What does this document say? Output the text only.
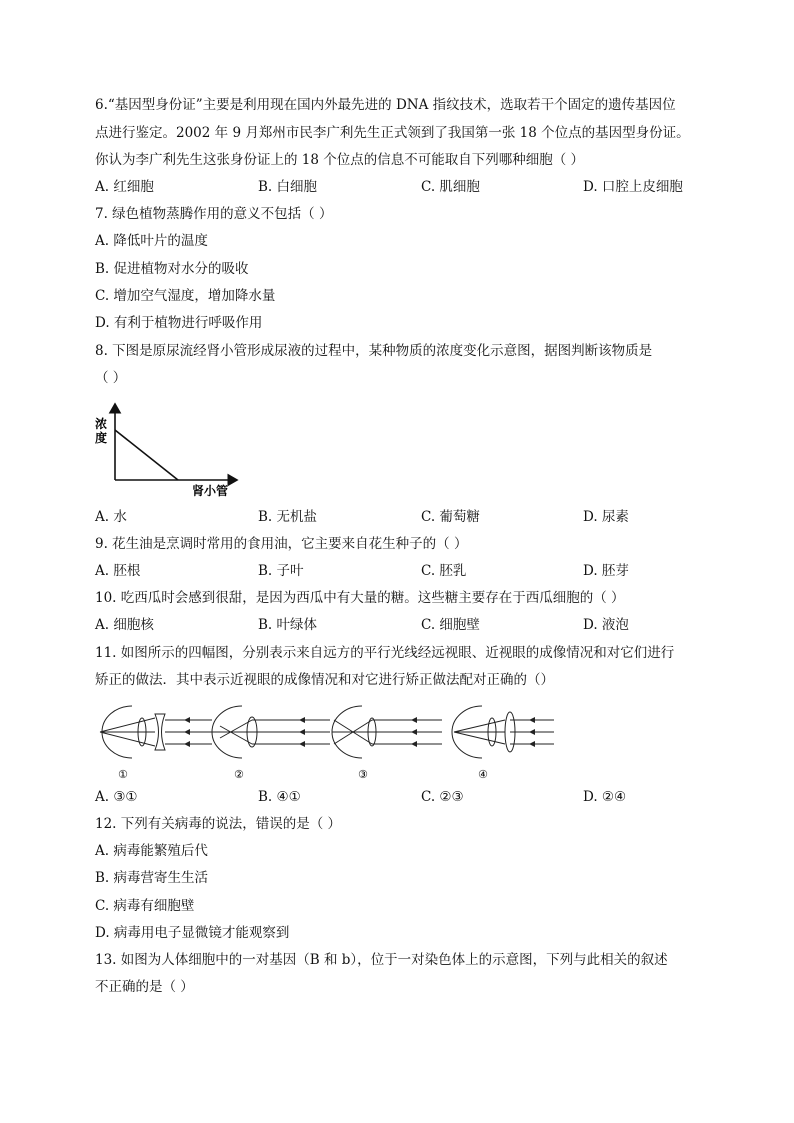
6.“基因型身份证”主要是利用现在国内外最先进的 DNA 指纹技术，选取若干个固定的遗传基因位
点进行鉴定。2002 年 9 月郑州市民李广利先生正式领到了我国第一张 18 个位点的基因型身份证。
你认为李广利先生这张身份证上的 18 个位点的信息不可能取自下列哪种细胞（ ）
A. 红细胞	B. 白细胞	C. 肌细胞	D. 口腔上皮细胞
7. 绿色植物蒸腾作用的意义不包括（ ）
A. 降低叶片的温度
B. 促进植物对水分的吸收
C. 增加空气湿度，增加降水量
D. 有利于植物进行呼吸作用
8. 下图是原尿流经肾小管形成尿液的过程中，某种物质的浓度变化示意图，据图判断该物质是
（ ）
浓
度
肾小管
A. 水	B. 无机盐	C. 葡萄糖	D. 尿素
9. 花生油是烹调时常用的食用油，它主要来自花生种子的（ ）
A. 胚根	B. 子叶	C. 胚乳	D. 胚芽
10. 吃西瓜时会感到很甜，是因为西瓜中有大量的糖。这些糖主要存在于西瓜细胞的（ ）
A. 细胞核	B. 叶绿体	C. 细胞壁	D. 液泡
11. 如图所示的四幅图，分别表示来自远方的平行光线经远视眼、近视眼的成像情况和对它们进行
矫正的做法．其中表示近视眼的成像情况和对它进行矫正做法配对正确的（）
①	②	③	④
A. ③①	B. ④①	C. ②③	D. ②④
12. 下列有关病毒的说法，错误的是（ ）
A. 病毒能繁殖后代
B. 病毒营寄生生活
C. 病毒有细胞壁
D. 病毒用电子显微镜才能观察到
13. 如图为人体细胞中的一对基因（B 和 b），位于一对染色体上的示意图，下列与此相关的叙述
不正确的是（ ）
